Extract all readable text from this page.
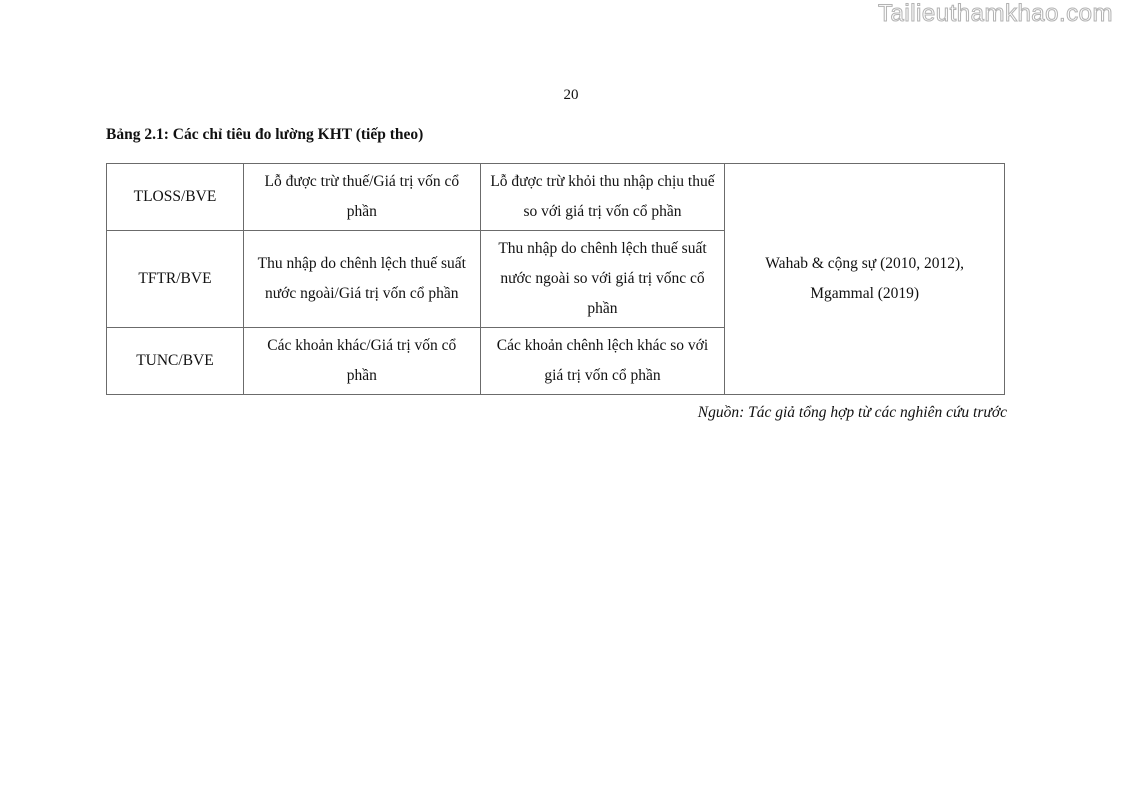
Tailieuthamkhao.com
20
Bảng 2.1: Các chỉ tiêu đo lường KHT (tiếp theo)
TLOSS/BVE	Lỗ được trừ thuế/Giá trị vốn cổ phần	Lỗ được trừ khỏi thu nhập chịu thuế so với giá trị vốn cổ phần	Wahab & cộng sự (2010, 2012), Mgammal (2019)
TFTR/BVE	Thu nhập do chênh lệch thuế suất nước ngoài/Giá trị vốn cổ phần	Thu nhập do chênh lệch thuế suất nước ngoài so với giá trị vốnc cổ phần	
TUNC/BVE	Các khoản khác/Giá trị vốn cổ phần	Các khoản chênh lệch khác so với giá trị vốn cổ phần	
Nguồn: Tác giả tổng hợp từ các nghiên cứu trước
